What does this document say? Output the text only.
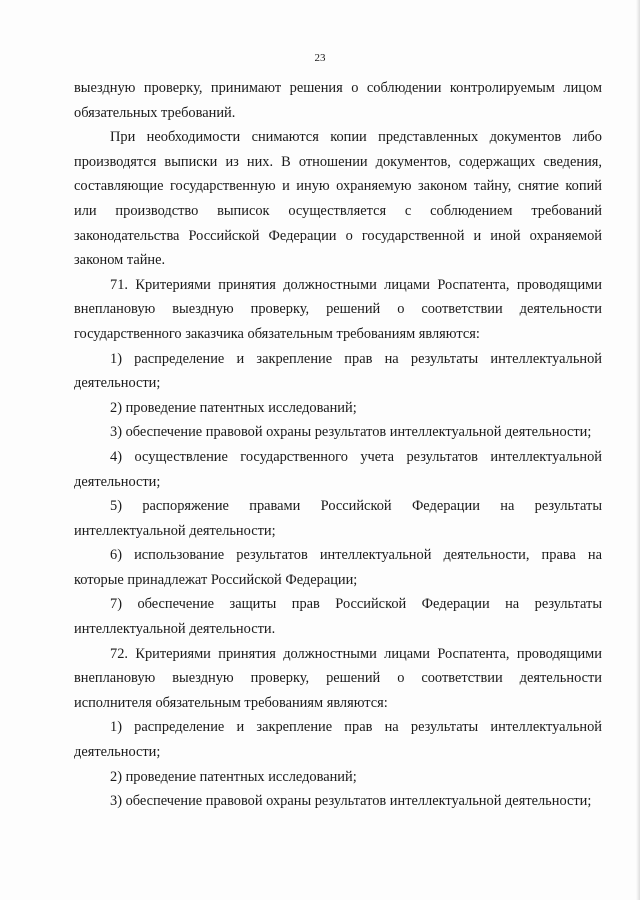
23

выездную проверку, принимают решения о соблюдении контролируемым лицом обязательных требований.

При необходимости снимаются копии представленных документов либо производятся выписки из них. В отношении документов, содержащих сведения, составляющие государственную и иную охраняемую законом тайну, снятие копий или производство выписок осуществляется с соблюдением требований законодательства Российской Федерации о государственной и иной охраняемой законом тайне.

71. Критериями принятия должностными лицами Роспатента, проводящими внеплановую выездную проверку, решений о соответствии деятельности государственного заказчика обязательным требованиям являются:

1) распределение и закрепление прав на результаты интеллектуальной деятельности;

2) проведение патентных исследований;

3) обеспечение правовой охраны результатов интеллектуальной деятельности;

4) осуществление государственного учета результатов интеллектуальной деятельности;

5) распоряжение правами Российской Федерации на результаты интеллектуальной деятельности;

6) использование результатов интеллектуальной деятельности, права на которые принадлежат Российской Федерации;

7) обеспечение защиты прав Российской Федерации на результаты интеллектуальной деятельности.

72. Критериями принятия должностными лицами Роспатента, проводящими внеплановую выездную проверку, решений о соответствии деятельности исполнителя обязательным требованиям являются:

1) распределение и закрепление прав на результаты интеллектуальной деятельности;

2) проведение патентных исследований;

3) обеспечение правовой охраны результатов интеллектуальной деятельности;
